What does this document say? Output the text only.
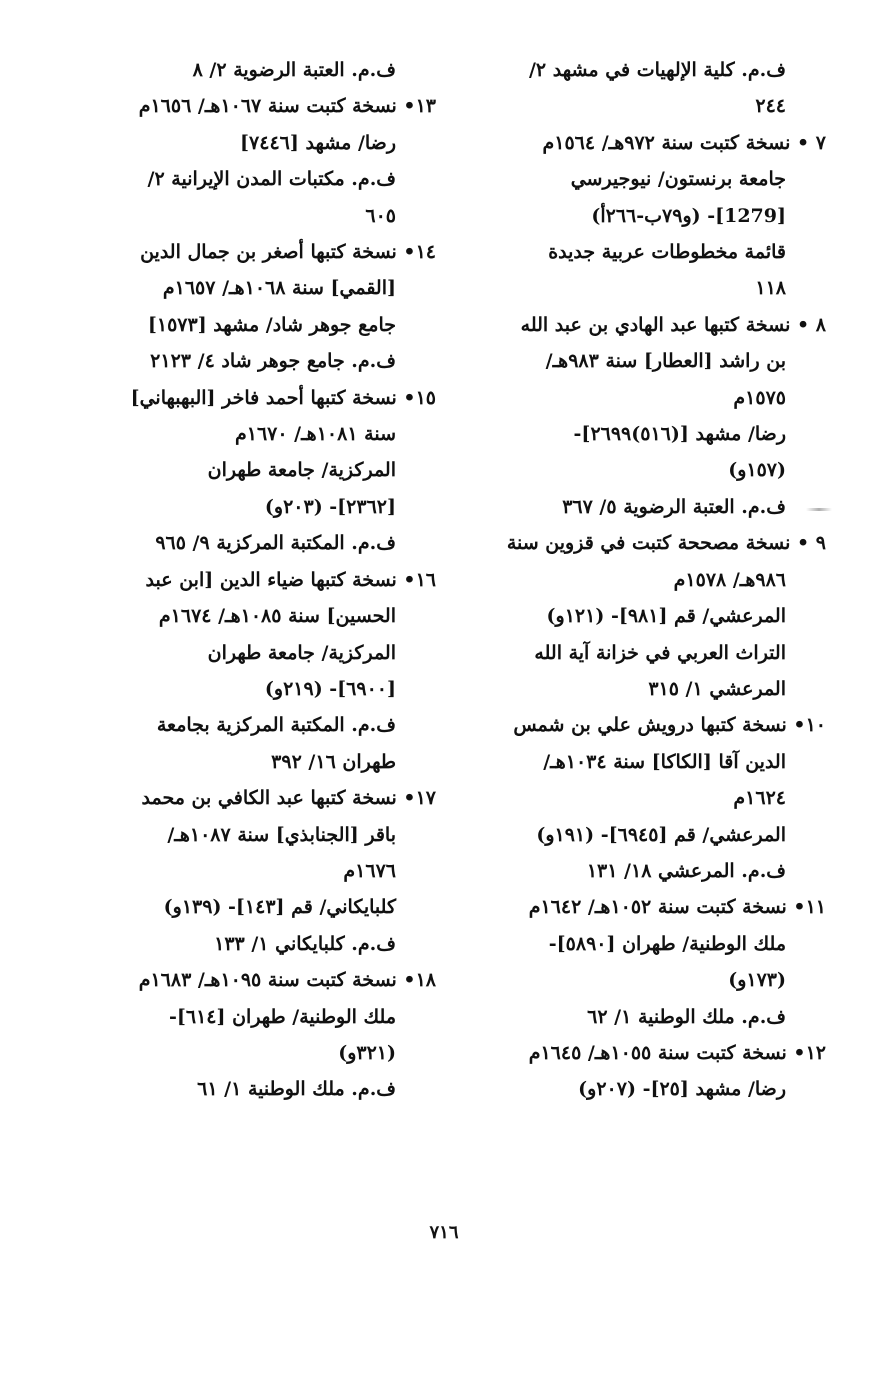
ف.م. كلية الإلهيات في مشهد ٢/
٢٤٤
٧ • نسخة كتبت سنة ٩٧٢هـ/ ١٥٦٤م
جامعة برنستون/ نيوجيرسي
[1279]- (و٧٩ب-٢٦٦أ)
قائمة مخطوطات عربية جديدة
١١٨
٨ • نسخة كتبها عبد الهادي بن عبد الله
بن راشد [العطار] سنة ٩٨٣هـ/
١٥٧٥م
رضا/ مشهد [(٥١٦)٢٦٩٩]-
(١٥٧و)
ف.م. العتبة الرضوية ٥/ ٣٦٧
٩ • نسخة مصححة كتبت في قزوين سنة
٩٨٦هـ/ ١٥٧٨م
المرعشي/ قم [٩٨١]- (١٢١و)
التراث العربي في خزانة آية الله
المرعشي ١/ ٣١٥
١٠• نسخة كتبها درويش علي بن شمس
الدين آقا [الكاكا] سنة ١٠٣٤هـ/
١٦٢٤م
المرعشي/ قم [٦٩٤٥]- (١٩١و)
ف.م. المرعشي ١٨/ ١٣١
١١• نسخة كتبت سنة ١٠٥٢هـ/ ١٦٤٢م
ملك الوطنية/ طهران [٥٨٩٠]-
(١٧٣و)
ف.م. ملك الوطنية ١/ ٦٢
١٢• نسخة كتبت سنة ١٠٥٥هـ/ ١٦٤٥م
رضا/ مشهد [٢٥]- (٢٠٧و)
ف.م. العتبة الرضوية ٢/ ٨
١٣• نسخة كتبت سنة ١٠٦٧هـ/ ١٦٥٦م
رضا/ مشهد [٧٤٤٦]
ف.م. مكتبات المدن الإيرانية ٢/
٦٠٥
١٤• نسخة كتبها أصغر بن جمال الدين
[القمي] سنة ١٠٦٨هـ/ ١٦٥٧م
جامع جوهر شاد/ مشهد [١٥٧٣]
ف.م. جامع جوهر شاد ٤/ ٢١٢٣
١٥• نسخة كتبها أحمد فاخر [البهبهاني]
سنة ١٠٨١هـ/ ١٦٧٠م
المركزية/ جامعة طهران
[٢٣٦٢]- (٢٠٣و)
ف.م. المكتبة المركزية ٩/ ٩٦٥
١٦• نسخة كتبها ضياء الدين [ابن عبد
الحسين] سنة ١٠٨٥هـ/ ١٦٧٤م
المركزية/ جامعة طهران
[٦٩٠٠]- (٢١٩و)
ف.م. المكتبة المركزية بجامعة
طهران ١٦/ ٣٩٢
١٧• نسخة كتبها عبد الكافي بن محمد
باقر [الجنابذي] سنة ١٠٨٧هـ/
١٦٧٦م
كلبايكاني/ قم [١٤٣]- (١٣٩و)
ف.م. كلبايكاني ١/ ١٣٣
١٨• نسخة كتبت سنة ١٠٩٥هـ/ ١٦٨٣م
ملك الوطنية/ طهران [٦١٤]-
(٣٢١و)
ف.م. ملك الوطنية ١/ ٦١
٧١٦
